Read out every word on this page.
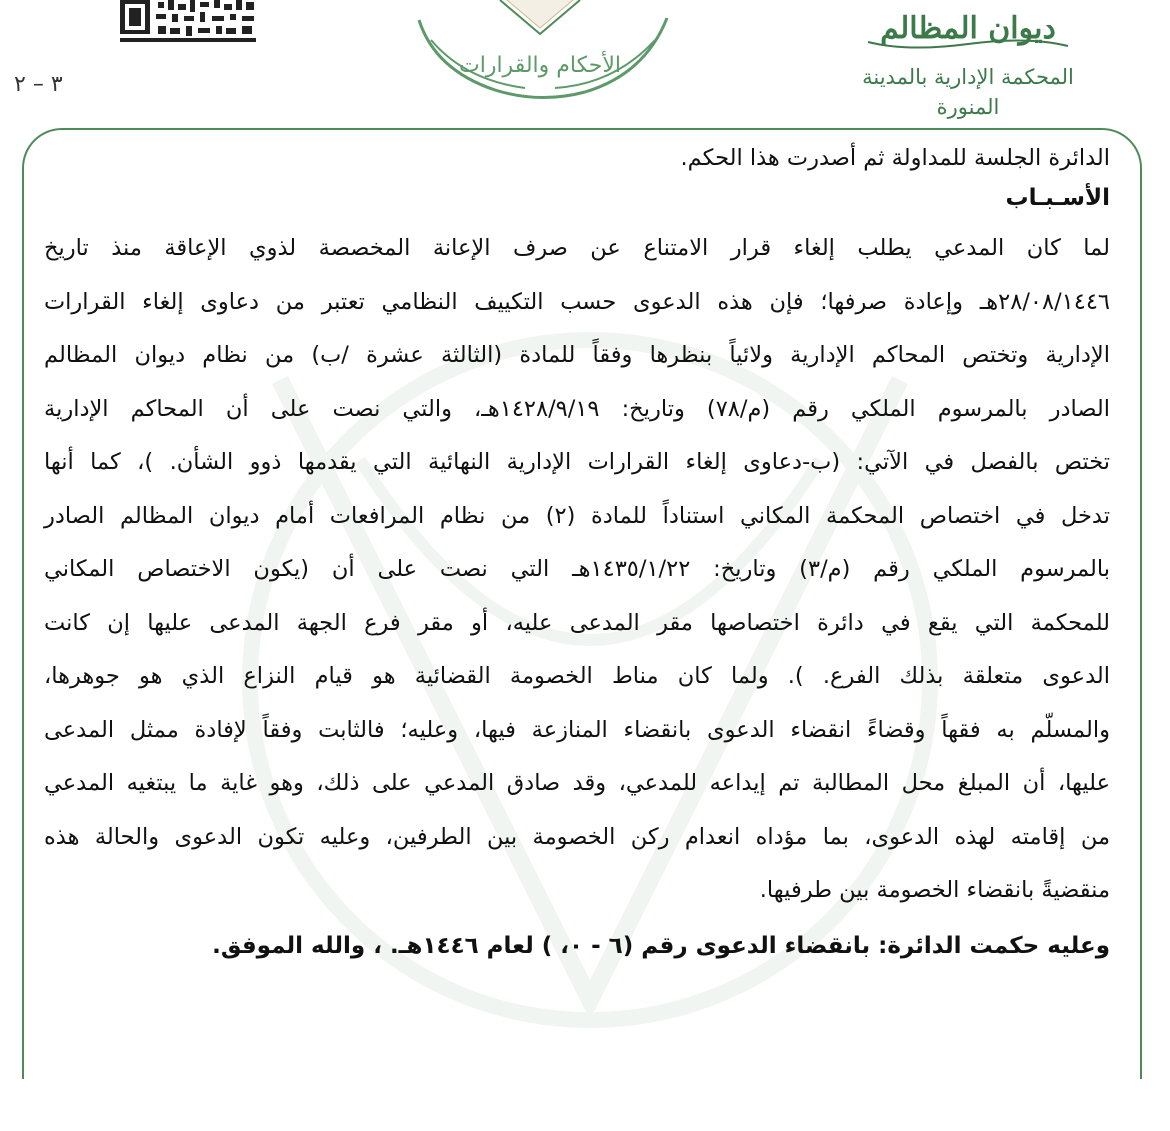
٣ – ٢
الأحكام والقرارات
ديوان المظالم
المحكمة الإدارية بالمدينة
المنورة
الدائرة الجلسة للمداولة ثم أصدرت هذا الحكم.
الأسـبـاب
لما كان المدعي يطلب إلغاء قرار الامتناع عن صرف الإعانة المخصصة لذوي الإعاقة منذ تاريخ
٢٨/٠٨/١٤٤٦هـ وإعادة صرفها؛ فإن هذه الدعوى حسب التكييف النظامي تعتبر من دعاوى إلغاء القرارات
الإدارية وتختص المحاكم الإدارية ولائياً بنظرها وفقاً للمادة (الثالثة عشرة /ب) من نظام ديوان المظالم
الصادر بالمرسوم الملكي رقم (م/٧٨) وتاريخ: ١٤٢٨/٩/١٩هـ، والتي نصت على أن المحاكم الإدارية
تختص بالفصل في الآتي: (ب-دعاوى إلغاء القرارات الإدارية النهائية التي يقدمها ذوو الشأن. )، كما أنها
تدخل في اختصاص المحكمة المكاني استناداً للمادة (٢) من نظام المرافعات أمام ديوان المظالم الصادر
بالمرسوم الملكي رقم (م/٣) وتاريخ: ١٤٣٥/١/٢٢هـ التي نصت على أن (يكون الاختصاص المكاني
للمحكمة التي يقع في دائرة اختصاصها مقر المدعى عليه، أو مقر فرع الجهة المدعى عليها إن كانت
الدعوى متعلقة بذلك الفرع. ). ولما كان مناط الخصومة القضائية هو قيام النزاع الذي هو جوهرها،
والمسلّم به فقهاً وقضاءً انقضاء الدعوى بانقضاء المنازعة فيها، وعليه؛ فالثابت وفقاً لإفادة ممثل المدعى
عليها، أن المبلغ محل المطالبة تم إيداعه للمدعي، وقد صادق المدعي على ذلك، وهو غاية ما يبتغيه المدعي
من إقامته لهذه الدعوى، بما مؤداه انعدام ركن الخصومة بين الطرفين، وعليه تكون الدعوى والحالة هذه
منقضيةً بانقضاء الخصومة بين طرفيها.
وعليه حكمت الدائرة: بانقضاء الدعوى رقم (٦ - ٠، ) لعام ١٤٤٦هـ. ، والله الموفق.
